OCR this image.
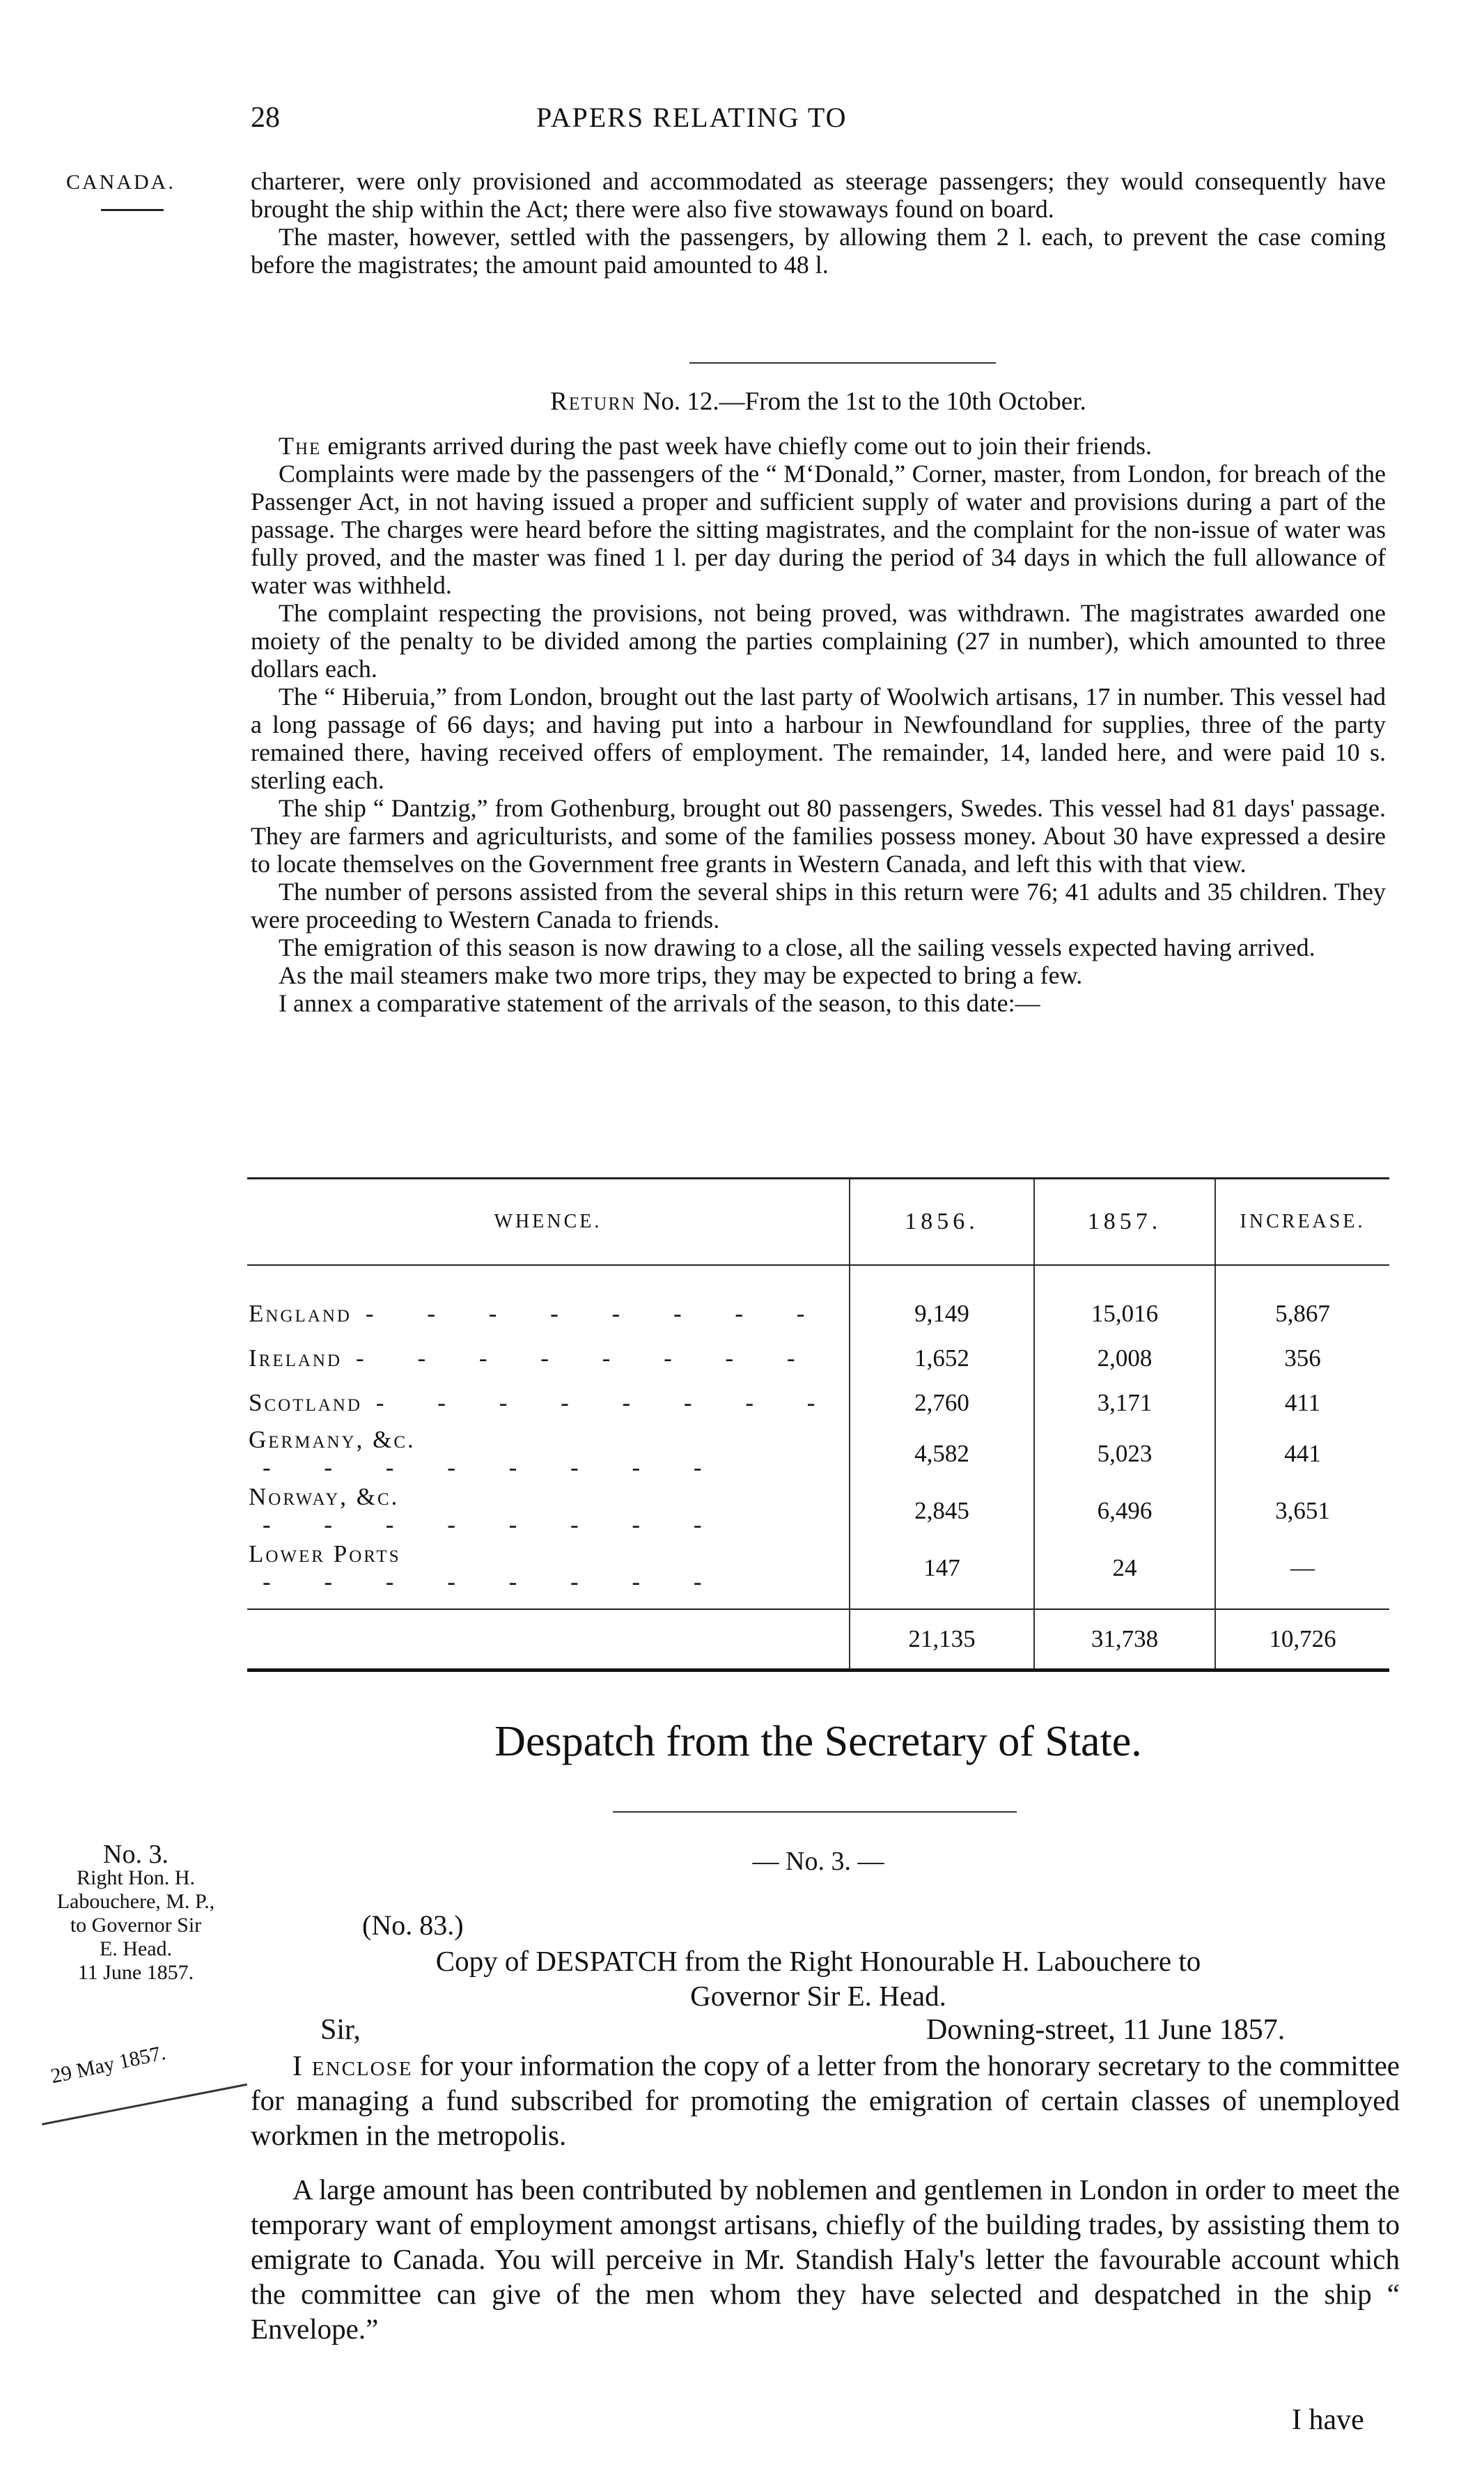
28	PAPERS RELATING TO
CANADA.	charterer, were only provisioned and accommodated as steerage passengers; they would consequently have brought the ship within the Act; there were also five stowaways found on board.

The master, however, settled with the passengers, by allowing them 2 l. each, to prevent the case coming before the magistrates; the amount paid amounted to 48 l.

Return No. 12.—From the 1st to the 10th October.

The emigrants arrived during the past week have chiefly come out to join their friends.

Complaints were made by the passengers of the “ M‘Donald,” Corner, master, from London, for breach of the Passenger Act, in not having issued a proper and sufficient supply of water and provisions during a part of the passage. The charges were heard before the sitting magistrates, and the complaint for the non-issue of water was fully proved, and the master was fined 1 l. per day during the period of 34 days in which the full allowance of water was withheld.

The complaint respecting the provisions, not being proved, was withdrawn. The magistrates awarded one moiety of the penalty to be divided among the parties complaining (27 in number), which amounted to three dollars each.

The “ Hiberuia,” from London, brought out the last party of Woolwich artisans, 17 in number. This vessel had a long passage of 66 days; and having put into a harbour in Newfoundland for supplies, three of the party remained there, having received offers of employment. The remainder, 14, landed here, and were paid 10 s. sterling each.

The ship “ Dantzig,” from Gothenburg, brought out 80 passengers, Swedes. This vessel had 81 days' passage. They are farmers and agriculturists, and some of the families possess money. About 30 have expressed a desire to locate themselves on the Government free grants in Western Canada, and left this with that view.

The number of persons assisted from the several ships in this return were 76; 41 adults and 35 children. They were proceeding to Western Canada to friends.

The emigration of this season is now drawing to a close, all the sailing vessels expected having arrived.

As the mail steamers make two more trips, they may be expected to bring a few.

I annex a comparative statement of the arrivals of the season, to this date:—

WHENCE.	1856.	1857.	INCREASE.
England - - - - - - - -	9,149	15,016	5,867
Ireland - - - - - - - -	1,652	2,008	356
Scotland - - - - - - - -	2,760	3,171	411
Germany, &c.- - - - - - - -	4,582	5,023	441
Norway, &c.- - - - - - - -	2,845	6,496	3,651
Lower Ports- - - - - - - -	147	24	—
	21,135	31,738	10,726
Despatch from the Secretary of State.
No. 3.
Right Hon. H.
Labouchere, M. P.,
to Governor Sir
E. Head.
11 June 1857.
29 May 1857.
— No. 3. —
(No. 83.)
Copy of DESPATCH from the Right Honourable H. Labouchere to
Governor Sir E. Head.
Sir,	Downing-street, 11 June 1857.

I enclose for your information the copy of a letter from the honorary secretary to the committee for managing a fund subscribed for promoting the emigration of certain classes of unemployed workmen in the metropolis.

A large amount has been contributed by noblemen and gentlemen in London in order to meet the temporary want of employment amongst artisans, chiefly of the building trades, by assisting them to emigrate to Canada. You will perceive in Mr. Standish Haly's letter the favourable account which the committee can give of the men whom they have selected and despatched in the ship “ Envelope.”

I have
